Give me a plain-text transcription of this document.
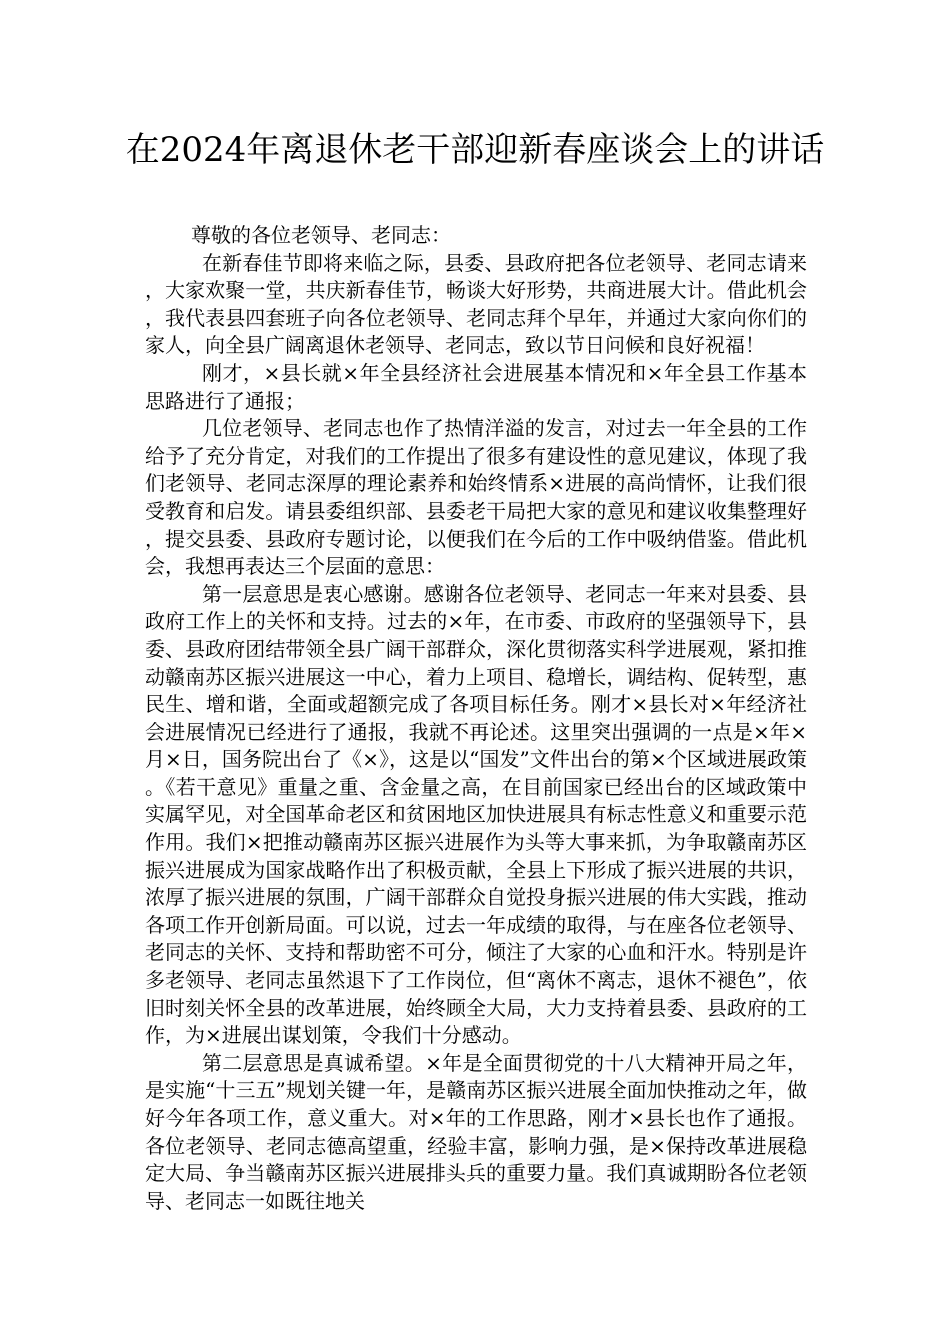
在2024年离退休老干部迎新春座谈会上的讲话

尊敬的各位老领导、老同志：

在新春佳节即将来临之际，县委、县政府把各位老领导、老同志请来，大家欢聚一堂，共庆新春佳节，畅谈大好形势，共商进展大计。借此机会，我代表县四套班子向各位老领导、老同志拜个早年，并通过大家向你们的家人，向全县广阔离退休老领导、老同志，致以节日问候和良好祝福！

刚才，×县长就×年全县经济社会进展基本情况和×年全县工作基本思路进行了通报；

几位老领导、老同志也作了热情洋溢的发言，对过去一年全县的工作给予了充分肯定，对我们的工作提出了很多有建设性的意见建议，体现了我们老领导、老同志深厚的理论素养和始终情系×进展的高尚情怀，让我们很受教育和启发。请县委组织部、县委老干局把大家的意见和建议收集整理好，提交县委、县政府专题讨论，以便我们在今后的工作中吸纳借鉴。借此机会，我想再表达三个层面的意思：

第一层意思是衷心感谢。感谢各位老领导、老同志一年来对县委、县政府工作上的关怀和支持。过去的×年，在市委、市政府的坚强领导下，县委、县政府团结带领全县广阔干部群众，深化贯彻落实科学进展观，紧扣推动赣南苏区振兴进展这一中心，着力上项目、稳增长，调结构、促转型，惠民生、增和谐，全面或超额完成了各项目标任务。刚才×县长对×年经济社会进展情况已经进行了通报，我就不再论述。这里突出强调的一点是×年×月×日，国务院出台了《×》，这是以“国发”文件出台的第×个区域进展政策。《若干意见》重量之重、含金量之高，在目前国家已经出台的区域政策中实属罕见，对全国革命老区和贫困地区加快进展具有标志性意义和重要示范作用。我们×把推动赣南苏区振兴进展作为头等大事来抓，为争取赣南苏区振兴进展成为国家战略作出了积极贡献，全县上下形成了振兴进展的共识，浓厚了振兴进展的氛围，广阔干部群众自觉投身振兴进展的伟大实践，推动各项工作开创新局面。可以说，过去一年成绩的取得，与在座各位老领导、老同志的关怀、支持和帮助密不可分，倾注了大家的心血和汗水。特别是许多老领导、老同志虽然退下了工作岗位，但“离休不离志，退休不褪色”，依旧时刻关怀全县的改革进展，始终顾全大局，大力支持着县委、县政府的工作，为×进展出谋划策，令我们十分感动。

第二层意思是真诚希望。×年是全面贯彻党的十八大精神开局之年，是实施“十三五”规划关键一年，是赣南苏区振兴进展全面加快推动之年，做好今年各项工作，意义重大。对×年的工作思路，刚才×县长也作了通报。各位老领导、老同志德高望重，经验丰富，影响力强，是×保持改革进展稳定大局、争当赣南苏区振兴进展排头兵的重要力量。我们真诚期盼各位老领导、老同志一如既往地关
